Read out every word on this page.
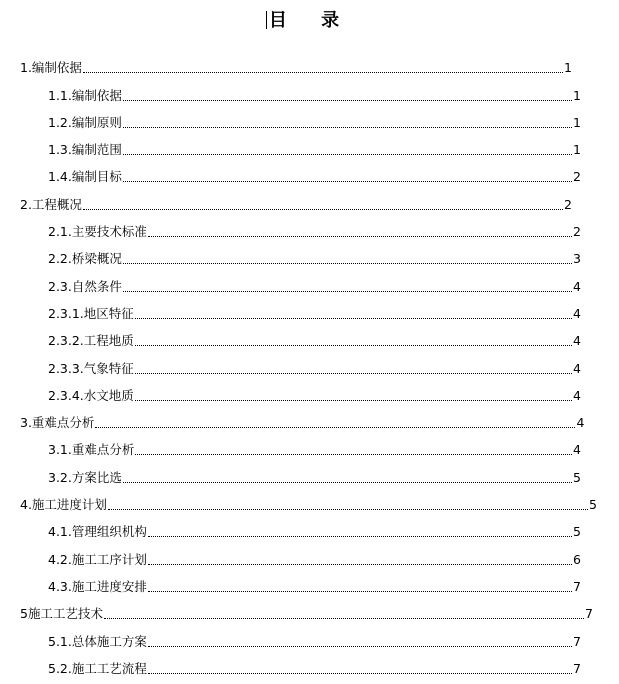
目 录
1.编制依据	1
1.1.编制依据	1
1.2.编制原则	1
1.3.编制范围	1
1.4.编制目标	2
2.工程概况	2
2.1.主要技术标准	2
2.2.桥梁概况	3
2.3.自然条件	4
2.3.1.地区特征	4
2.3.2.工程地质	4
2.3.3.气象特征	4
2.3.4.水文地质	4
3.重难点分析	4
3.1.重难点分析	4
3.2.方案比选	5
4.施工进度计划	5
4.1.管理组织机构	5
4.2.施工工序计划	6
4.3.施工进度安排	7
5施工工艺技术	7
5.1.总体施工方案	7
5.2.施工工艺流程	7
